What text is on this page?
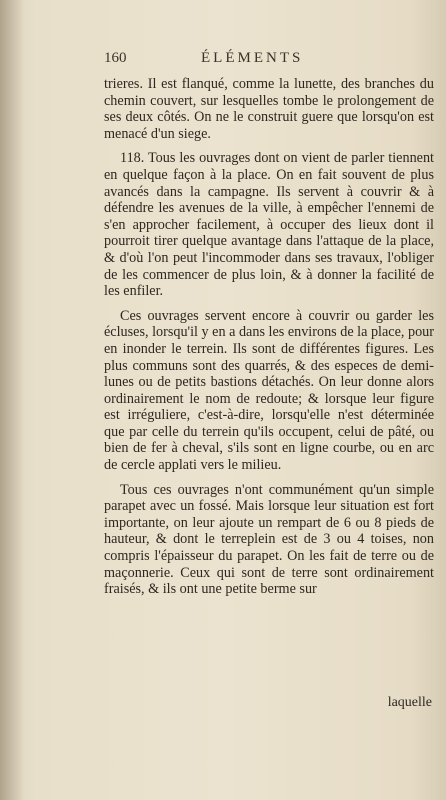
160	ÉLÉMENTS

trieres. Il est flanqué, comme la lunette, des branches du chemin couvert, sur lesquelles tombe le prolongement de ses deux côtés. On ne le construit guere que lorsqu'on est menacé d'un siege.

118. Tous les ouvrages dont on vient de parler tiennent en quelque façon à la place. On en fait souvent de plus avancés dans la campagne. Ils servent à couvrir & à défendre les avenues de la ville, à empêcher l'ennemi de s'en approcher facilement, à occuper des lieux dont il pourroit tirer quelque avantage dans l'attaque de la place, & d'où l'on peut l'incommoder dans ses travaux, l'obliger de les commencer de plus loin, & à donner la facilité de les enfiler.

Ces ouvrages servent encore à couvrir ou garder les écluses, lorsqu'il y en a dans les environs de la place, pour en inonder le terrein. Ils sont de différentes figures. Les plus communs sont des quarrés, & des especes de demi-lunes ou de petits bastions détachés. On leur donne alors ordinairement le nom de redoute; & lorsque leur figure est irréguliere, c'est-à-dire, lorsqu'elle n'est déterminée que par celle du terrein qu'ils occupent, celui de pâté, ou bien de fer à cheval, s'ils sont en ligne courbe, ou en arc de cercle applati vers le milieu.

Tous ces ouvrages n'ont communément qu'un simple parapet avec un fossé. Mais lorsque leur situation est fort importante, on leur ajoute un rempart de 6 ou 8 pieds de hauteur, & dont le terreplein est de 3 ou 4 toises, non compris l'épaisseur du parapet. On les fait de terre ou de maçonnerie. Ceux qui sont de terre sont ordinairement fraisés, & ils ont une petite berme sur

laquelle
